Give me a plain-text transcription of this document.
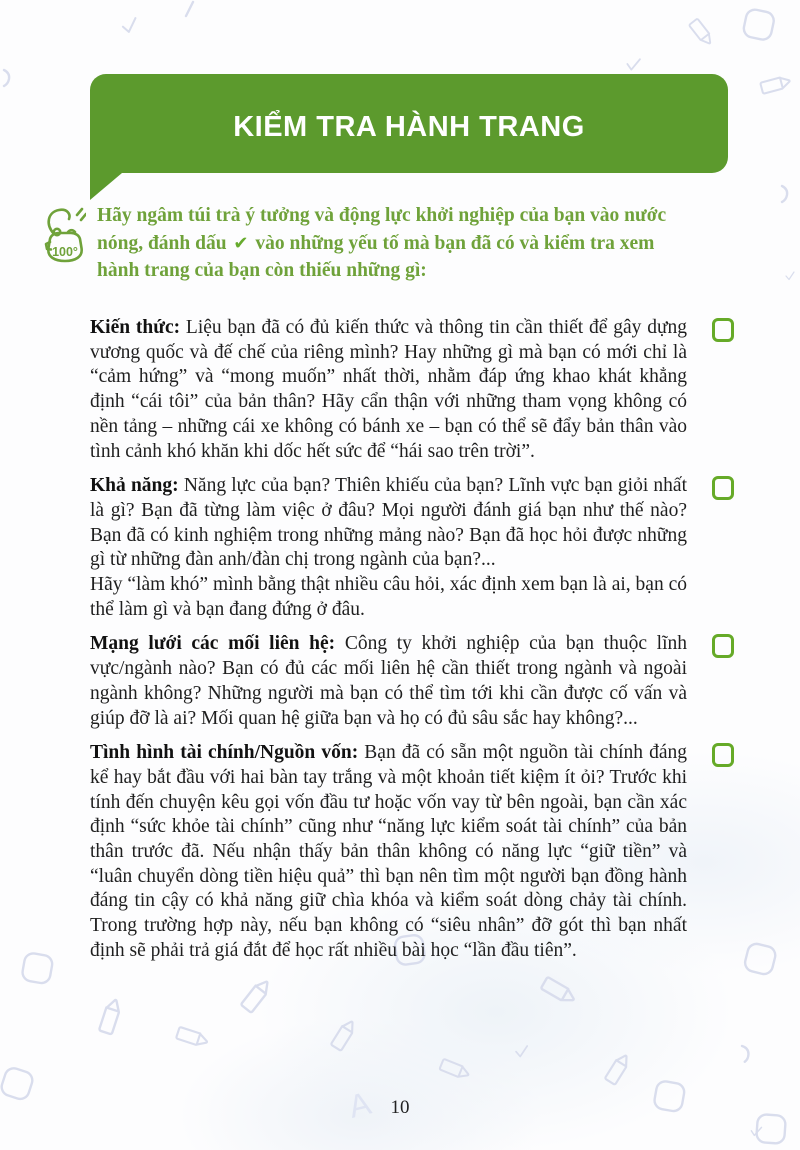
A
KIỂM TRA HÀNH TRANG
100°
Hãy ngâm túi trà ý tưởng và động lực khởi nghiệp của bạn vào nước nóng, đánh dấu ✔ vào những yếu tố mà bạn đã có và kiểm tra xem hành trang của bạn còn thiếu những gì:

Kiến thức: Liệu bạn đã có đủ kiến thức và thông tin cần thiết để gây dựng vương quốc và đế chế của riêng mình? Hay những gì mà bạn có mới chỉ là “cảm hứng” và “mong muốn” nhất thời, nhằm đáp ứng khao khát khẳng định “cái tôi” của bản thân? Hãy cẩn thận với những tham vọng không có nền tảng – những cái xe không có bánh xe – bạn có thể sẽ đẩy bản thân vào tình cảnh khó khăn khi dốc hết sức để “hái sao trên trời”.

Khả năng: Năng lực của bạn? Thiên khiếu của bạn? Lĩnh vực bạn giỏi nhất là gì? Bạn đã từng làm việc ở đâu? Mọi người đánh giá bạn như thế nào? Bạn đã có kinh nghiệm trong những mảng nào? Bạn đã học hỏi được những gì từ những đàn anh/đàn chị trong ngành của bạn?...

Hãy “làm khó” mình bằng thật nhiều câu hỏi, xác định xem bạn là ai, bạn có thể làm gì và bạn đang đứng ở đâu.

Mạng lưới các mối liên hệ: Công ty khởi nghiệp của bạn thuộc lĩnh vực/ngành nào? Bạn có đủ các mối liên hệ cần thiết trong ngành và ngoài ngành không? Những người mà bạn có thể tìm tới khi cần được cố vấn và giúp đỡ là ai? Mối quan hệ giữa bạn và họ có đủ sâu sắc hay không?...

Tình hình tài chính/Nguồn vốn: Bạn đã có sẵn một nguồn tài chính đáng kể hay bắt đầu với hai bàn tay trắng và một khoản tiết kiệm ít ỏi? Trước khi tính đến chuyện kêu gọi vốn đầu tư hoặc vốn vay từ bên ngoài, bạn cần xác định “sức khỏe tài chính” cũng như “năng lực kiểm soát tài chính” của bản thân trước đã. Nếu nhận thấy bản thân không có năng lực “giữ tiền” và “luân chuyển dòng tiền hiệu quả” thì bạn nên tìm một người bạn đồng hành đáng tin cậy có khả năng giữ chìa khóa và kiểm soát dòng chảy tài chính. Trong trường hợp này, nếu bạn không có “siêu nhân” đỡ gót thì bạn nhất định sẽ phải trả giá đắt để học rất nhiều bài học “lần đầu tiên”.

10
